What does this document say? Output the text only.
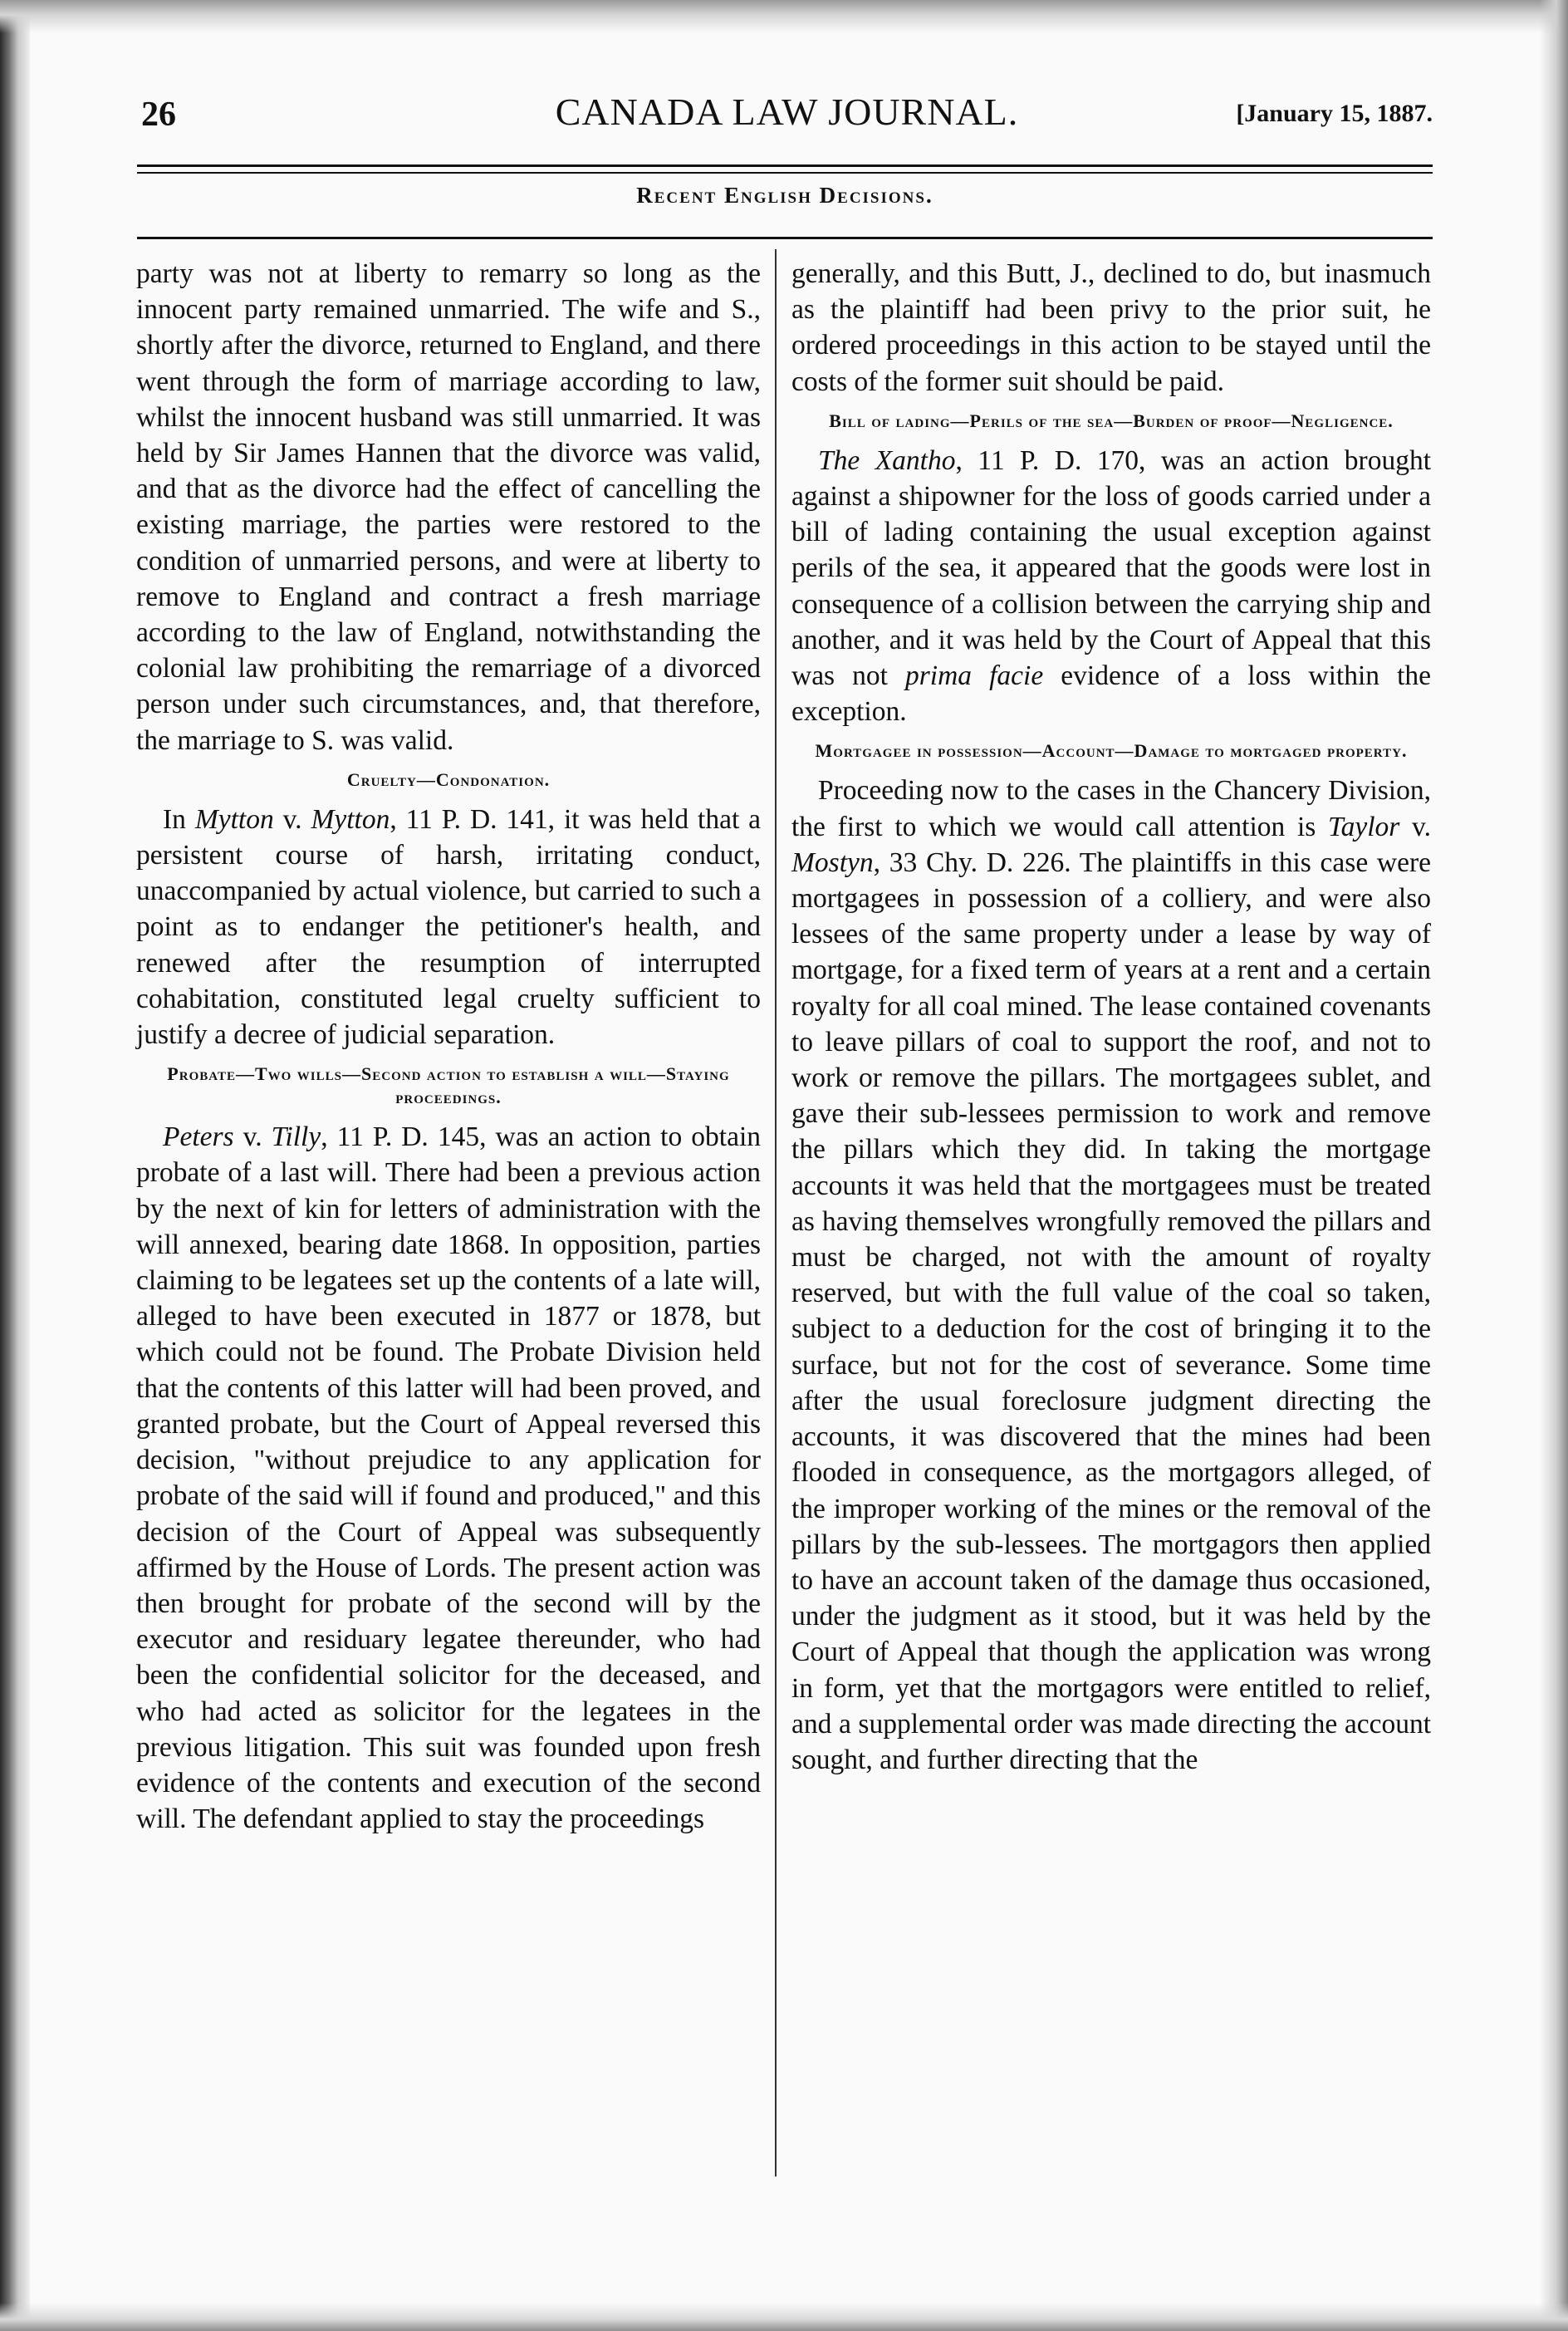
26	CANADA LAW JOURNAL.	[January 15, 1887.
Recent English Decisions.

party was not at liberty to remarry so long as the innocent party remained unmarried. The wife and S., shortly after the divorce, returned to England, and there went through the form of marriage according to law, whilst the innocent husband was still unmarried. It was held by Sir James Hannen that the divorce was valid, and that as the divorce had the effect of cancelling the existing marriage, the parties were restored to the condition of unmarried persons, and were at liberty to remove to England and contract a fresh marriage according to the law of England, notwithstanding the colonial law prohibiting the remarriage of a divorced person under such circumstances, and, that therefore, the marriage to S. was valid.

Cruelty—Condonation.

In Mytton v. Mytton, 11 P. D. 141, it was held that a persistent course of harsh, irritating conduct, unaccompanied by actual violence, but carried to such a point as to endanger the petitioner's health, and renewed after the resumption of interrupted cohabitation, constituted legal cruelty sufficient to justify a decree of judicial separation.

Probate—Two wills—Second action to establish a will—Staying proceedings.

Peters v. Tilly, 11 P. D. 145, was an action to obtain probate of a last will. There had been a previous action by the next of kin for letters of administration with the will annexed, bearing date 1868. In opposition, parties claiming to be legatees set up the contents of a late will, alleged to have been executed in 1877 or 1878, but which could not be found. The Probate Division held that the contents of this latter will had been proved, and granted probate, but the Court of Appeal reversed this decision, "without prejudice to any application for probate of the said will if found and produced," and this decision of the Court of Appeal was subsequently affirmed by the House of Lords. The present action was then brought for probate of the second will by the executor and residuary legatee thereunder, who had been the confidential solicitor for the deceased, and who had acted as solicitor for the legatees in the previous litigation. This suit was founded upon fresh evidence of the contents and execution of the second will. The defendant applied to stay the proceedings

generally, and this Butt, J., declined to do, but inasmuch as the plaintiff had been privy to the prior suit, he ordered proceedings in this action to be stayed until the costs of the former suit should be paid.

Bill of lading—Perils of the sea—Burden of proof—Negligence.

The Xantho, 11 P. D. 170, was an action brought against a shipowner for the loss of goods carried under a bill of lading containing the usual exception against perils of the sea, it appeared that the goods were lost in consequence of a collision between the carrying ship and another, and it was held by the Court of Appeal that this was not prima facie evidence of a loss within the exception.

Mortgagee in possession—Account—Damage to mortgaged property.

Proceeding now to the cases in the Chancery Division, the first to which we would call attention is Taylor v. Mostyn, 33 Chy. D. 226. The plaintiffs in this case were mortgagees in possession of a colliery, and were also lessees of the same property under a lease by way of mortgage, for a fixed term of years at a rent and a certain royalty for all coal mined. The lease contained covenants to leave pillars of coal to support the roof, and not to work or remove the pillars. The mortgagees sublet, and gave their sub-lessees permission to work and remove the pillars which they did. In taking the mortgage accounts it was held that the mortgagees must be treated as having themselves wrongfully removed the pillars and must be charged, not with the amount of royalty reserved, but with the full value of the coal so taken, subject to a deduction for the cost of bringing it to the surface, but not for the cost of severance. Some time after the usual foreclosure judgment directing the accounts, it was discovered that the mines had been flooded in consequence, as the mortgagors alleged, of the improper working of the mines or the removal of the pillars by the sub-lessees. The mortgagors then applied to have an account taken of the damage thus occasioned, under the judgment as it stood, but it was held by the Court of Appeal that though the application was wrong in form, yet that the mortgagors were entitled to relief, and a supplemental order was made directing the account sought, and further directing that the
